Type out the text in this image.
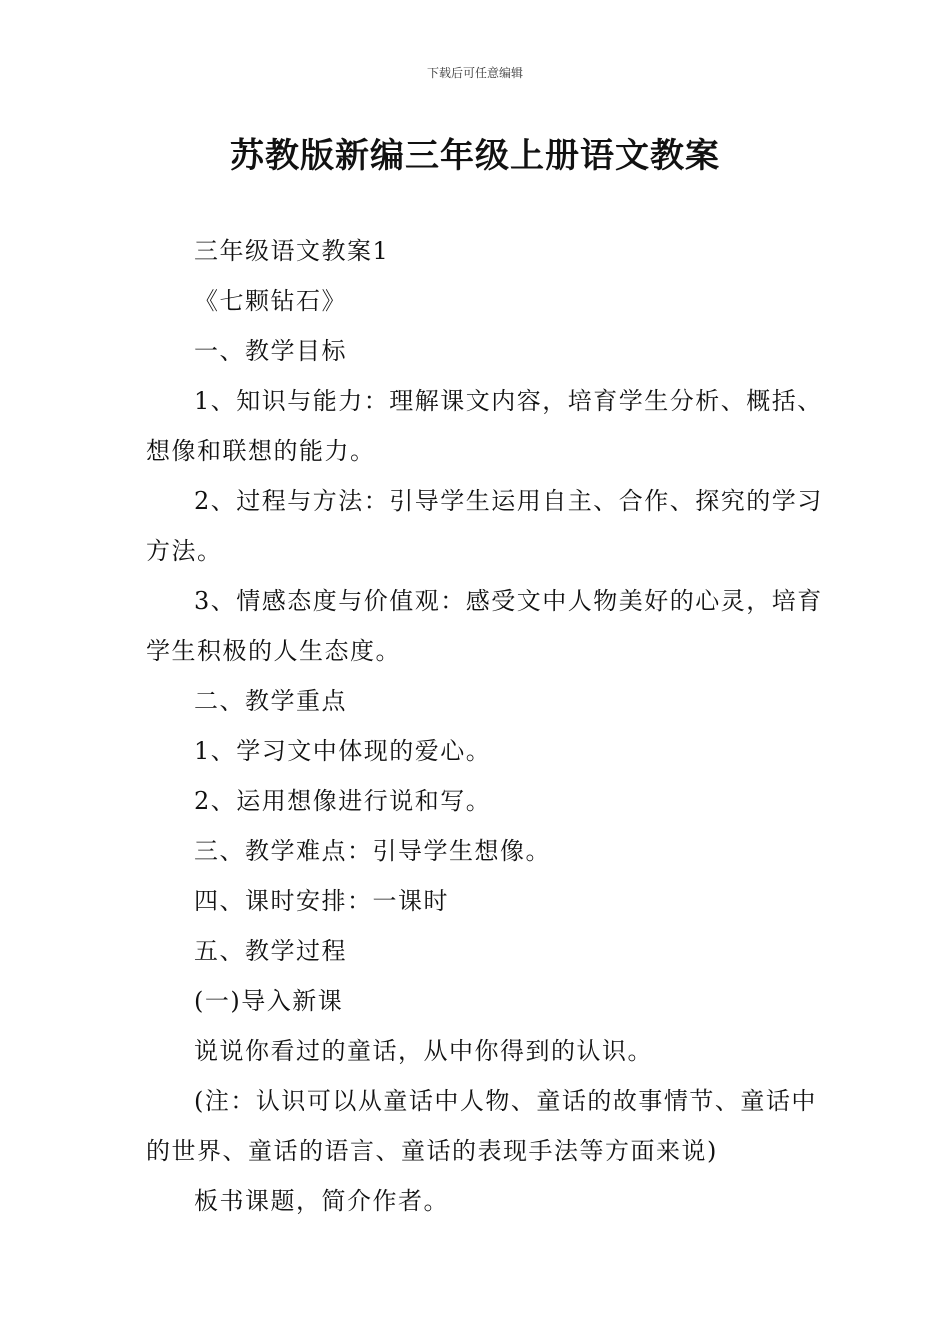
下载后可任意编辑
苏教版新编三年级上册语文教案

三年级语文教案1

《七颗钻石》

一、教学目标

1、知识与能力：理解课文内容，培育学生分析、概括、想像和联想的能力。

2、过程与方法：引导学生运用自主、合作、探究的学习方法。

3、情感态度与价值观：感受文中人物美好的心灵，培育学生积极的人生态度。

二、教学重点

1、学习文中体现的爱心。

2、运用想像进行说和写。

三、教学难点：引导学生想像。

四、课时安排：一课时

五、教学过程

(一)导入新课

说说你看过的童话，从中你得到的认识。

(注：认识可以从童话中人物、童话的故事情节、童话中的世界、童话的语言、童话的表现手法等方面来说)

板书课题，简介作者。
